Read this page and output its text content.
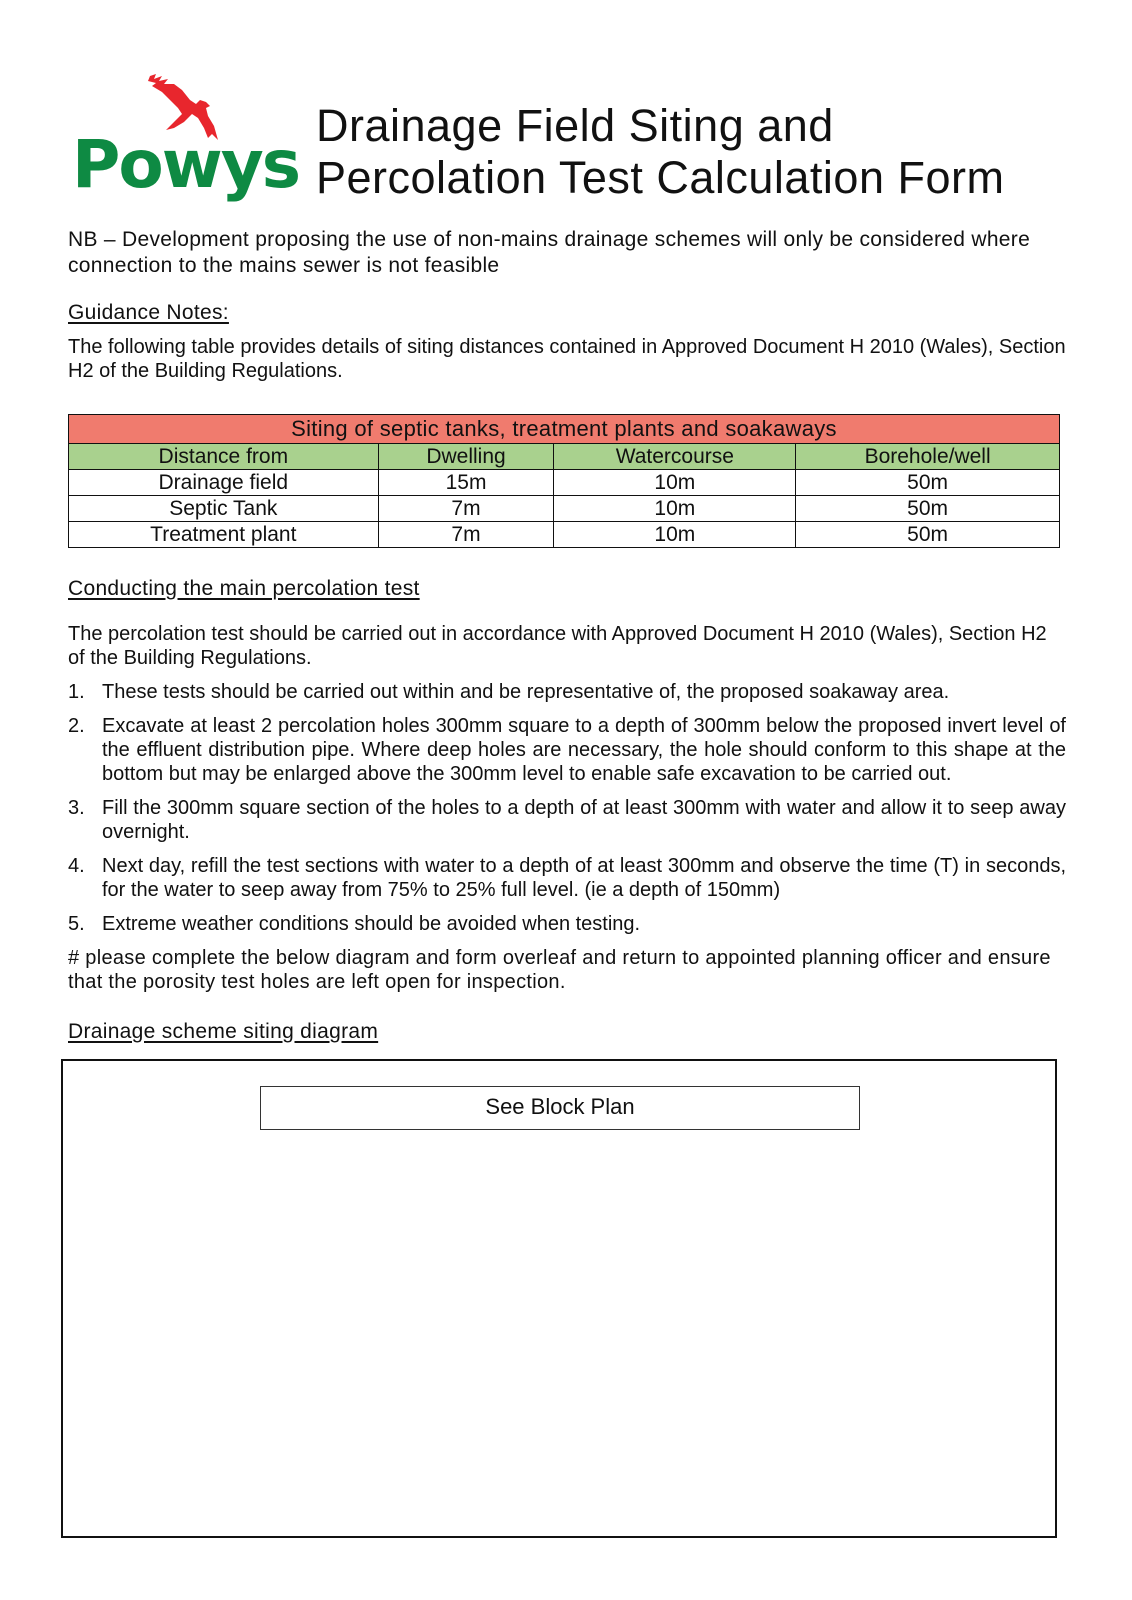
Powys
Drainage Field Siting and
Percolation Test Calculation Form
NB – Development proposing the use of non-mains drainage schemes will only be considered where connection to the mains sewer is not feasible
Guidance Notes:
The following table provides details of siting distances contained in Approved Document H 2010 (Wales), Section H2 of the Building Regulations.
Siting of septic tanks, treatment plants and soakaways			
Distance from	Dwelling	Watercourse	Borehole/well
Drainage field	15m	10m	50m
Septic Tank	7m	10m	50m
Treatment plant	7m	10m	50m
Conducting the main percolation test
The percolation test should be carried out in accordance with Approved Document H 2010 (Wales), Section H2 of the Building Regulations.
1. These tests should be carried out within and be representative of, the proposed soakaway area.
2. Excavate at least 2 percolation holes 300mm square to a depth of 300mm below the proposed invert level of the effluent distribution pipe. Where deep holes are necessary, the hole should conform to this shape at the bottom but may be enlarged above the 300mm level to enable safe excavation to be carried out.
3. Fill the 300mm square section of the holes to a depth of at least 300mm with water and allow it to seep away overnight.
4. Next day, refill the test sections with water to a depth of at least 300mm and observe the time (T) in seconds, for the water to seep away from 75% to 25% full level. (ie a depth of 150mm)
5. Extreme weather conditions should be avoided when testing.
# please complete the below diagram and form overleaf and return to appointed planning officer and ensure that the porosity test holes are left open for inspection.
Drainage scheme siting diagram
See Block Plan
